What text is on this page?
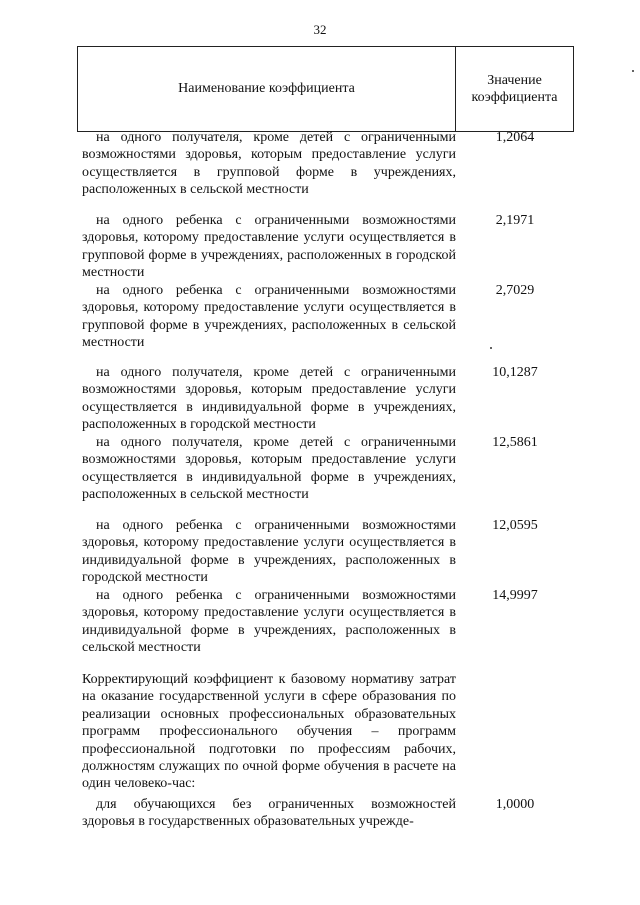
32
Наименование коэффициента
Значение
коэффициента

на одного получателя, кроме детей с ограниченными возможностями здоровья, которым предоставление услуги осуществляется в групповой форме в учреждениях, расположенных в сельской местности

1,2064

на одного ребенка с ограниченными возможностями здоровья, которому предоставление услуги осуществляется в групповой форме в учреждениях, расположенных в городской местности

2,1971

на одного ребенка с ограниченными возможностями здоровья, которому предоставление услуги осуществляется в групповой форме в учреждениях, расположенных в сельской местности

2,7029

на одного получателя, кроме детей с ограниченными возможностями здоровья, которым предоставление услуги осуществляется в индивидуальной форме в учреждениях, расположенных в городской местности

10,1287

на одного получателя, кроме детей с ограниченными возможностями здоровья, которым предоставление услуги осуществляется в индивидуальной форме в учреждениях, расположенных в сельской местности

12,5861

на одного ребенка с ограниченными возможностями здоровья, которому предоставление услуги осуществляется в индивидуальной форме в учреждениях, расположенных в городской местности

12,0595

на одного ребенка с ограниченными возможностями здоровья, которому предоставление услуги осуществляется в индивидуальной форме в учреждениях, расположенных в сельской местности

14,9997

Корректирующий коэффициент к базовому нормативу затрат на оказание государственной услуги в сфере образования по реализации основных профессиональных образовательных программ профессионального обучения – программ профессиональной подготовки по профессиям рабочих, должностям служащих по очной форме обучения в расчете на один человеко-час:

для обучающихся без ограниченных возможностей здоровья в государственных образовательных учрежде-

1,0000
